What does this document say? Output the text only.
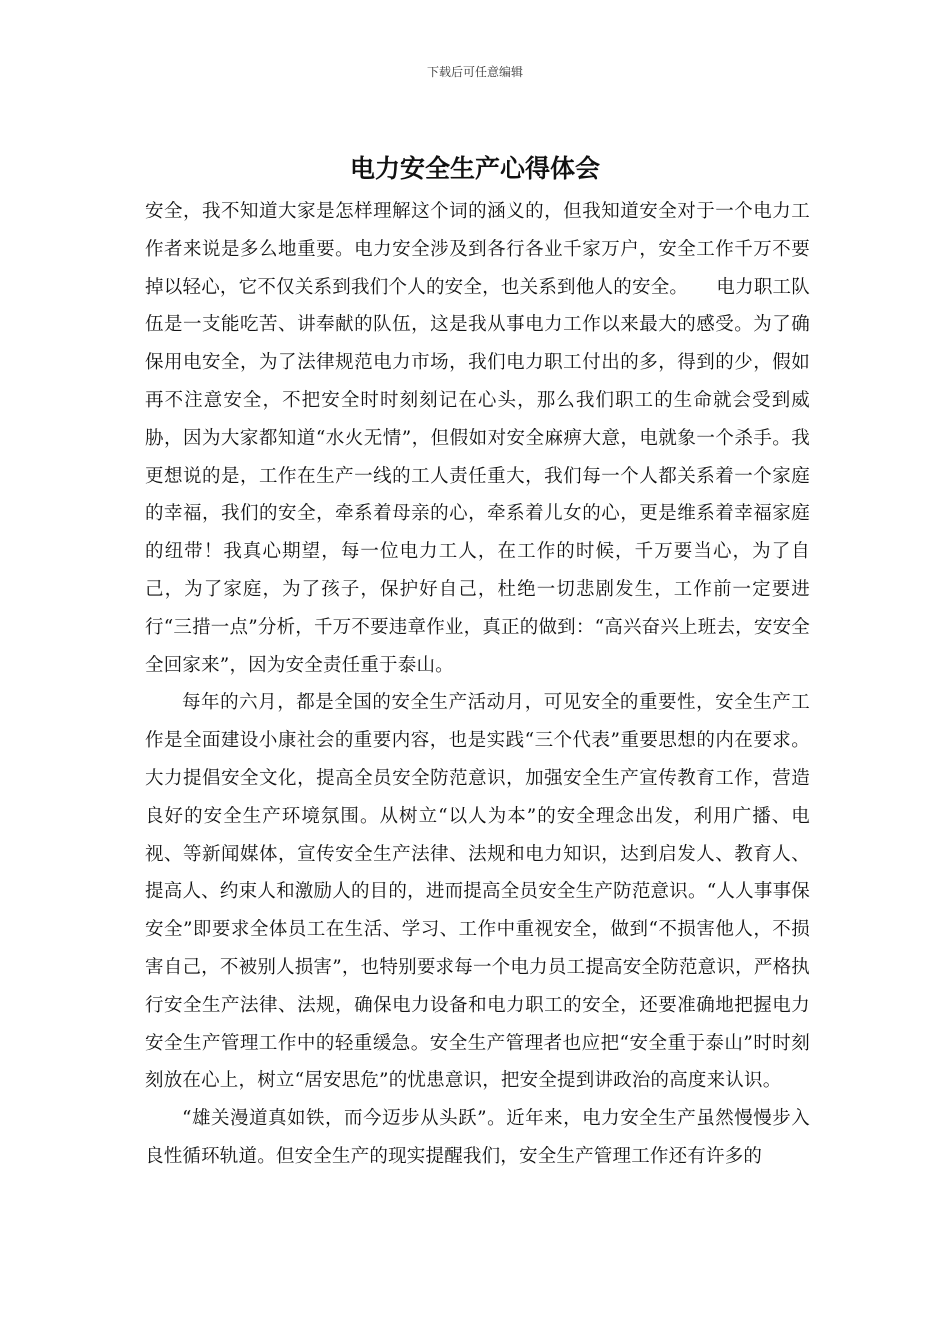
下载后可任意编辑
电力安全生产心得体会

安全，我不知道大家是怎样理解这个词的涵义的，但我知道安全对于一个电力工作者来说是多么地重要。电力安全涉及到各行各业千家万户，安全工作千万不要掉以轻心，它不仅关系到我们个人的安全，也关系到他人的安全。　　电力职工队伍是一支能吃苦、讲奉献的队伍，这是我从事电力工作以来最大的感受。为了确保用电安全，为了法律规范电力市场，我们电力职工付出的多，得到的少，假如再不注意安全，不把安全时时刻刻记在心头，那么我们职工的生命就会受到威胁，因为大家都知道“水火无情”，但假如对安全麻痹大意，电就象一个杀手。我更想说的是，工作在生产一线的工人责任重大，我们每一个人都关系着一个家庭的幸福，我们的安全，牵系着母亲的心，牵系着儿女的心，更是维系着幸福家庭的纽带！我真心期望，每一位电力工人，在工作的时候，千万要当心，为了自己，为了家庭，为了孩子，保护好自己，杜绝一切悲剧发生，工作前一定要进行“三措一点”分析，千万不要违章作业，真正的做到：“高兴奋兴上班去，安安全全回家来”，因为安全责任重于泰山。

每年的六月，都是全国的安全生产活动月，可见安全的重要性，安全生产工作是全面建设小康社会的重要内容，也是实践“三个代表”重要思想的内在要求。大力提倡安全文化，提高全员安全防范意识，加强安全生产宣传教育工作，营造良好的安全生产环境氛围。从树立“以人为本”的安全理念出发，利用广播、电视、等新闻媒体，宣传安全生产法律、法规和电力知识，达到启发人、教育人、提高人、约束人和激励人的目的，进而提高全员安全生产防范意识。“人人事事保安全”即要求全体员工在生活、学习、工作中重视安全，做到“不损害他人，不损害自己，不被别人损害”，也特别要求每一个电力员工提高安全防范意识，严格执行安全生产法律、法规，确保电力设备和电力职工的安全，还要准确地把握电力安全生产管理工作中的轻重缓急。安全生产管理者也应把“安全重于泰山”时时刻刻放在心上，树立“居安思危”的忧患意识，把安全提到讲政治的高度来认识。

“雄关漫道真如铁，而今迈步从头跃”。近年来，电力安全生产虽然慢慢步入良性循环轨道。但安全生产的现实提醒我们，安全生产管理工作还有许多的
